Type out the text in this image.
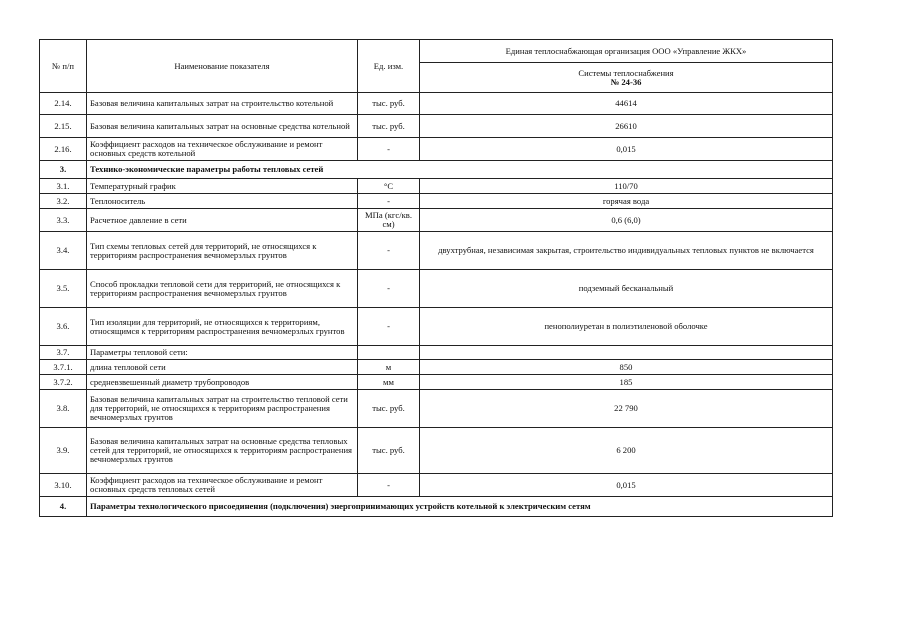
№ п/п	Наименование показателя	Ед. изм.	Единая теплоснабжающая организация ООО «Управление ЖКХ»

			Системы теплоснабжения
№ 24-36

2.14.	Базовая величина капитальных затрат на строительство котельной	тыс. руб.	44614
2.15.	Базовая величина капитальных затрат на основные средства котельной	тыс. руб.	26610
2.16.	Коэффициент расходов на техническое обслуживание и ремонт основных средств котельной	-	0,015
3.	Технико-экономические параметры работы тепловых сетей		
3.1.	Температурный график	°С	110/70
3.2.	Теплоноситель	-	горячая вода
3.3.	Расчетное давление в сети	МПа (кгс/кв. см)	0,6 (6,0)
3.4.	Тип схемы тепловых сетей для территорий, не относящихся к территориям распространения вечномерзлых грунтов	-	двухтрубная, независимая закрытая, строительство индивидуальных тепловых пунктов не включается
3.5.	Способ прокладки тепловой сети для территорий, не относящихся к территориям распространения вечномерзлых грунтов	-	подземный бесканальный
3.6.	Тип изоляции для территорий, не относящихся к территориям, относящимся к территориям распространения вечномерзлых грунтов	-	пенополиуретан в полиэтиленовой оболочке
3.7.	Параметры тепловой сети:		
3.7.1.	длина тепловой сети	м	850
3.7.2.	средневзвешенный диаметр трубопроводов	мм	185
3.8.	Базовая величина капитальных затрат на строительство тепловой сети для территорий, не относящихся к территориям распространения вечномерзлых грунтов	тыс. руб.	22 790
3.9.	Базовая величина капитальных затрат на основные средства тепловых сетей для территорий, не относящихся к территориям распространения вечномерзлых грунтов	тыс. руб.	6 200
3.10.	Коэффициент расходов на техническое обслуживание и ремонт основных средств тепловых сетей	-	0,015
4.	Параметры технологического присоединения (подключения) энергопринимающих устройств котельной к электрическим сетям		
